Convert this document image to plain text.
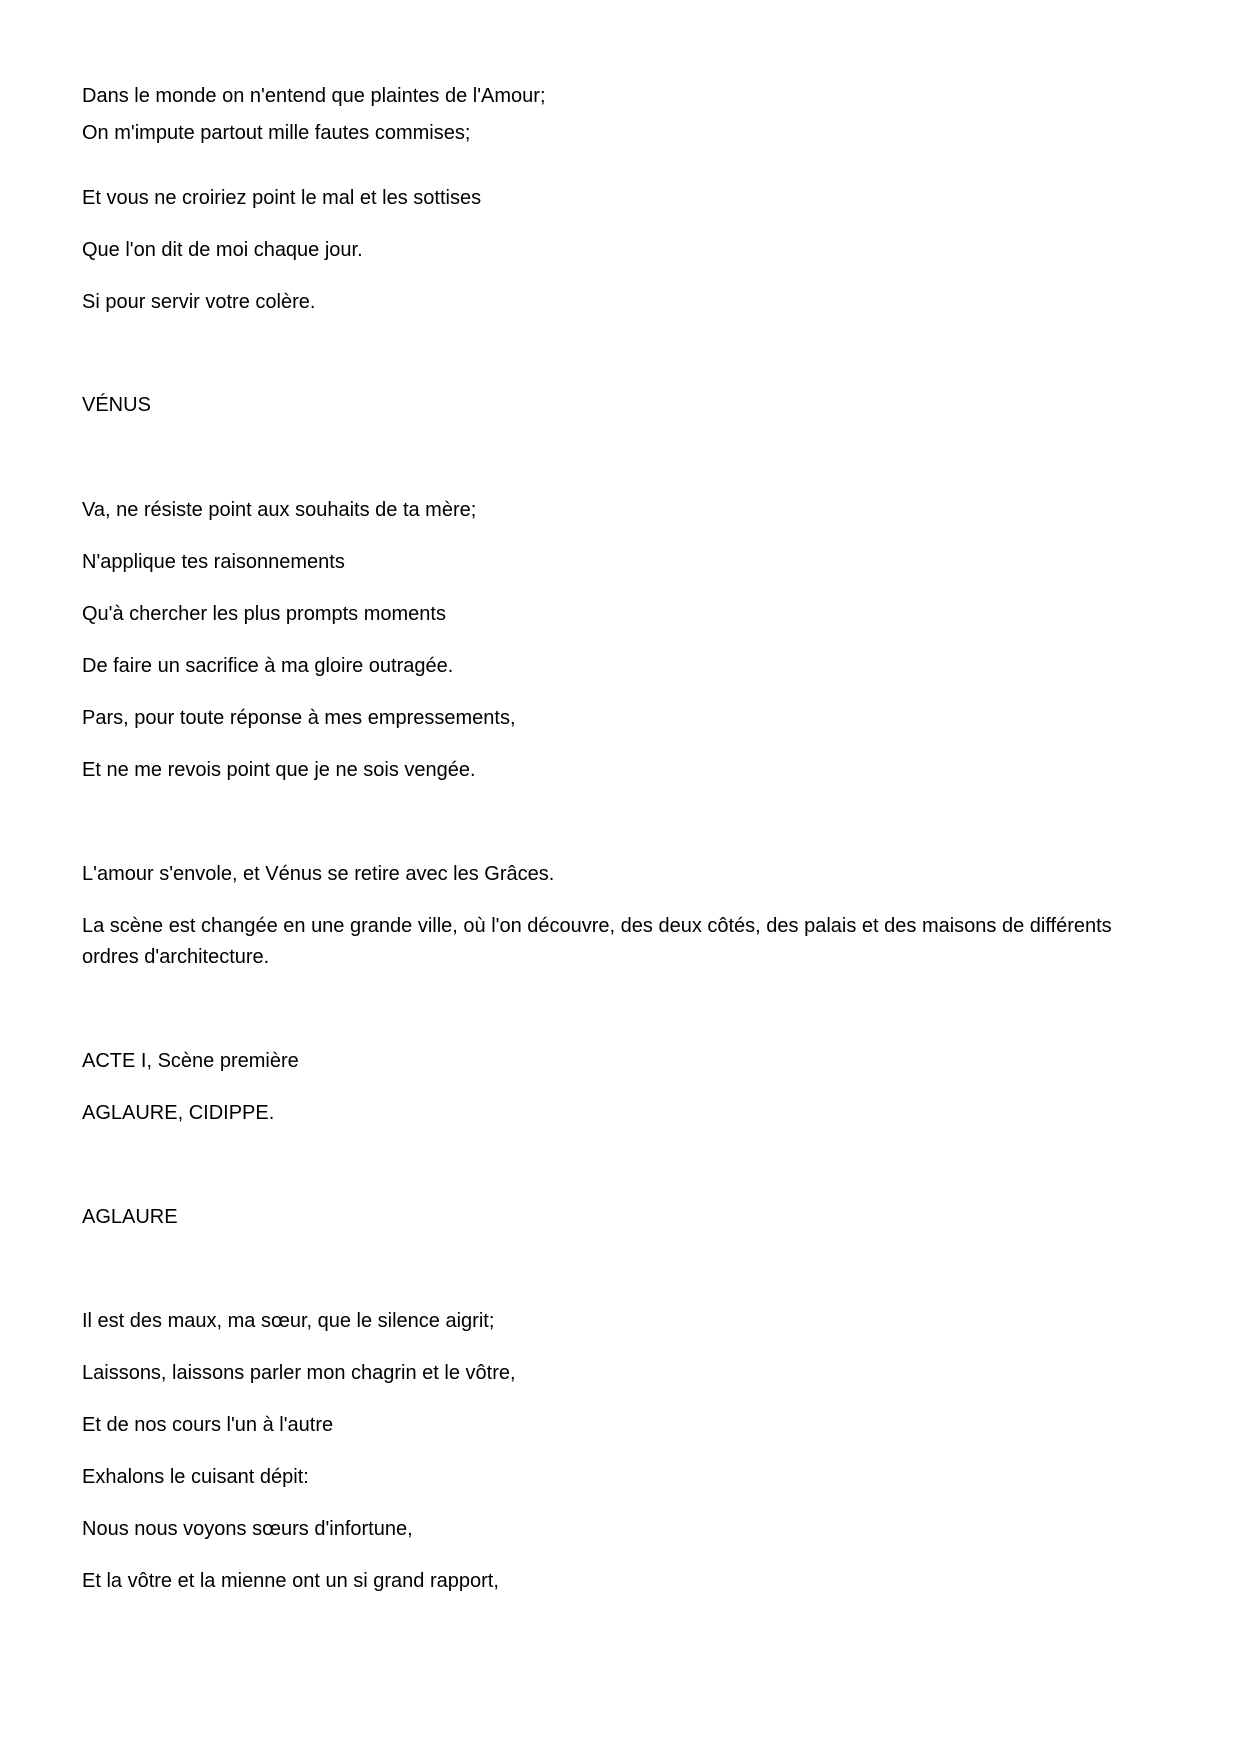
Dans le monde on n'entend que plaintes de l'Amour;

On m'impute partout mille fautes commises;

Et vous ne croiriez point le mal et les sottises

Que l'on dit de moi chaque jour.

Si pour servir votre colère.

VÉNUS

Va, ne résiste point aux souhaits de ta mère;

N'applique tes raisonnements

Qu'à chercher les plus prompts moments

De faire un sacrifice à ma gloire outragée.

Pars, pour toute réponse à mes empressements,

Et ne me revois point que je ne sois vengée.

L'amour s'envole, et Vénus se retire avec les Grâces.

La scène est changée en une grande ville, où l'on découvre, des deux côtés, des palais et des maisons de différents ordres d'architecture.

ACTE I, Scène première

AGLAURE, CIDIPPE.

AGLAURE

Il est des maux, ma sœur, que le silence aigrit;

Laissons, laissons parler mon chagrin et le vôtre,

Et de nos cours l'un à l'autre

Exhalons le cuisant dépit:

Nous nous voyons sœurs d'infortune,

Et la vôtre et la mienne ont un si grand rapport,
